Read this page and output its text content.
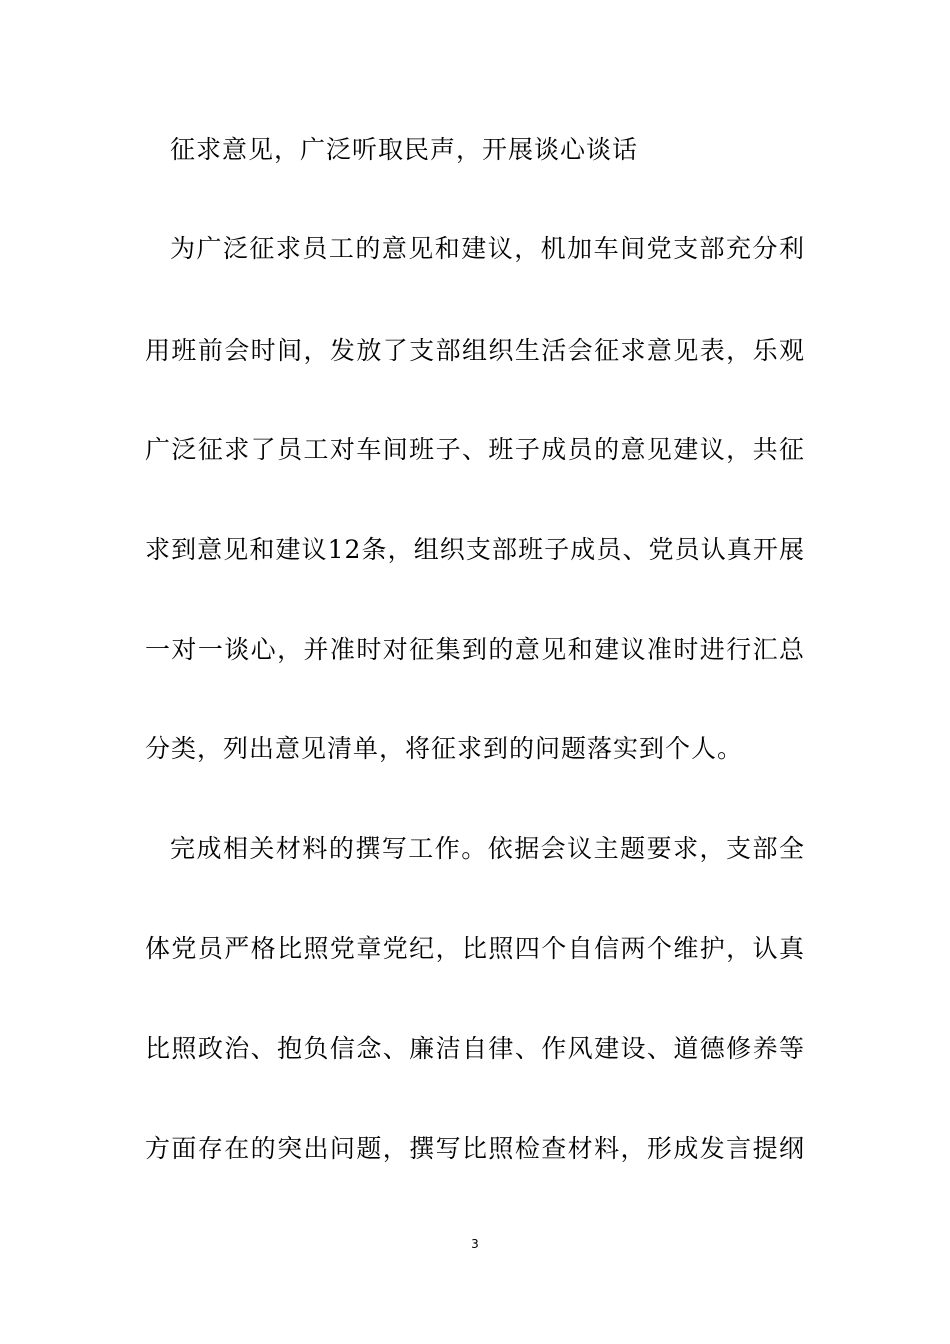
征求意见，广泛听取民声，开展谈心谈话
为广泛征求员工的意见和建议，机加车间党支部充分利
用班前会时间，发放了支部组织生活会征求意见表，乐观
广泛征求了员工对车间班子、班子成员的意见建议，共征
求到意见和建议12条，组织支部班子成员、党员认真开展
一对一谈心，并准时对征集到的意见和建议准时进行汇总
分类，列出意见清单，将征求到的问题落实到个人。
完成相关材料的撰写工作。依据会议主题要求，支部全
体党员严格比照党章党纪，比照四个自信两个维护，认真
比照政治、抱负信念、廉洁自律、作风建设、道德修养等
方面存在的突出问题，撰写比照检查材料，形成发言提纲
3
